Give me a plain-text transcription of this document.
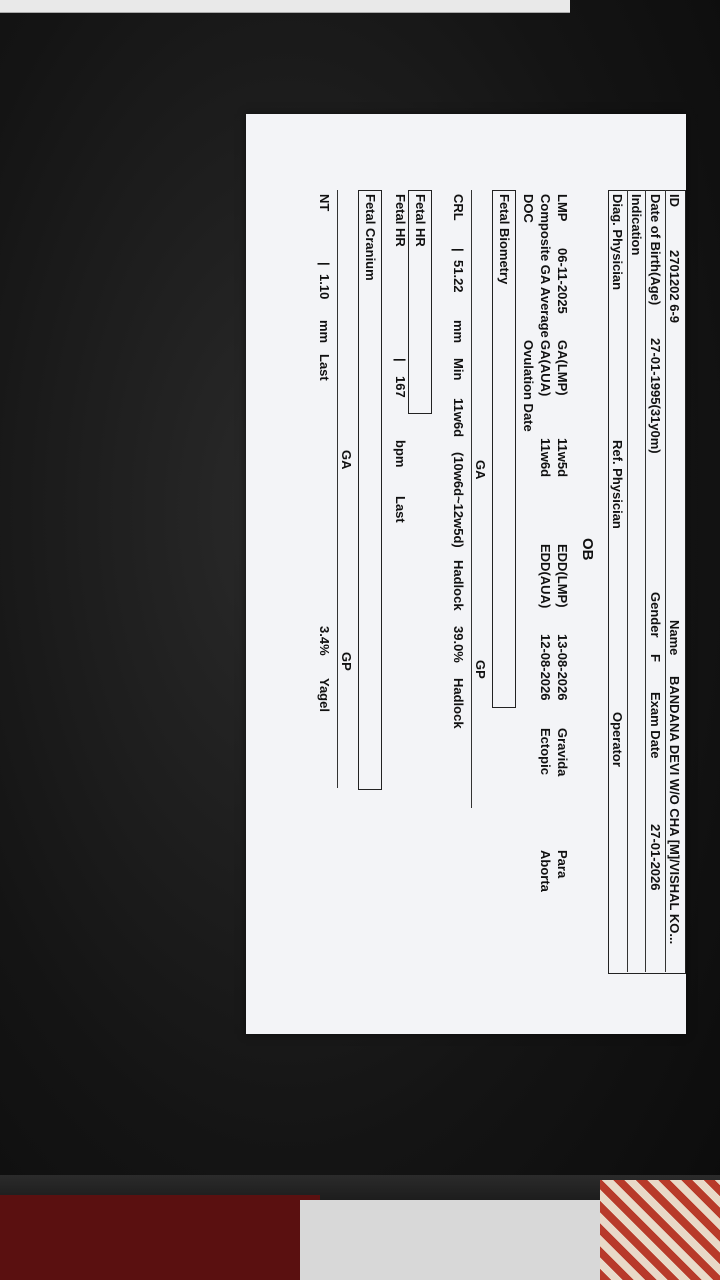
ID
2701202 6-9
Name
BANDANA DEVI W/O CHA [M]/VISHAL KO...
Date of Birth(Age)
27-01-1995(31y0m)
Gender
F
Exam Date
27-01-2026
Indication
Diag. Physician
Ref. Physician
Operator
OB
LMP
06-11-2025
GA(LMP)
11w5d
EDD(LMP)
13-08-2026
Gravida
Para
Composite GA Average
GA(AUA)
11w6d
EDD(AUA)
12-08-2026
Ectopic
Aborta
DOC
Ovulation Date
Fetal Biometry
GA
GP
CRL
|
51.22
mm
Min
11w6d
(10w6d~12w5d)
Hadlock
39.0%
Hadlock
Fetal HR
Fetal HR
|
167
bpm
Last
Fetal Cranium
GA
GP
NT
|
1.10
mm
Last
3.4%
Yagel
